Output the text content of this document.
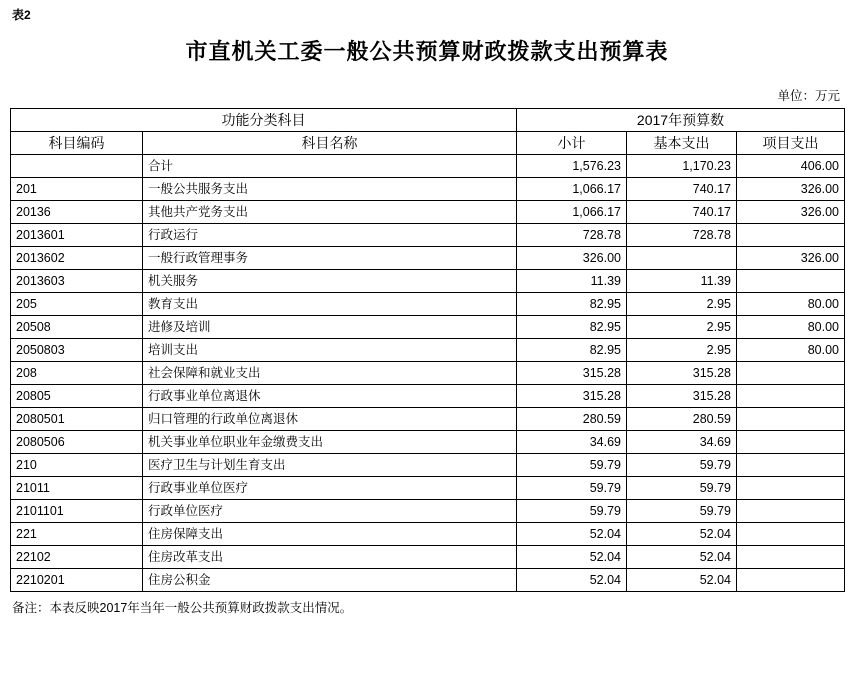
表2
市直机关工委一般公共预算财政拨款支出预算表
单位：万元
功能分类科目		2017年预算数		
科目编码	科目名称	小计	基本支出	项目支出
	合计	1,576.23	1,170.23	406.00
201	一般公共服务支出	1,066.17	740.17	326.00
20136	其他共产党务支出	1,066.17	740.17	326.00
2013601	行政运行	728.78	728.78	
2013602	一般行政管理事务	326.00		326.00
2013603	机关服务	11.39	11.39	
205	教育支出	82.95	2.95	80.00
20508	进修及培训	82.95	2.95	80.00
2050803	培训支出	82.95	2.95	80.00
208	社会保障和就业支出	315.28	315.28	
20805	行政事业单位离退休	315.28	315.28	
2080501	归口管理的行政单位离退休	280.59	280.59	
2080506	机关事业单位职业年金缴费支出	34.69	34.69	
210	医疗卫生与计划生育支出	59.79	59.79	
21011	行政事业单位医疗	59.79	59.79	
2101101	行政单位医疗	59.79	59.79	
221	住房保障支出	52.04	52.04	
22102	住房改革支出	52.04	52.04	
2210201	住房公积金	52.04	52.04	
备注：本表反映2017年当年一般公共预算财政拨款支出情况。
